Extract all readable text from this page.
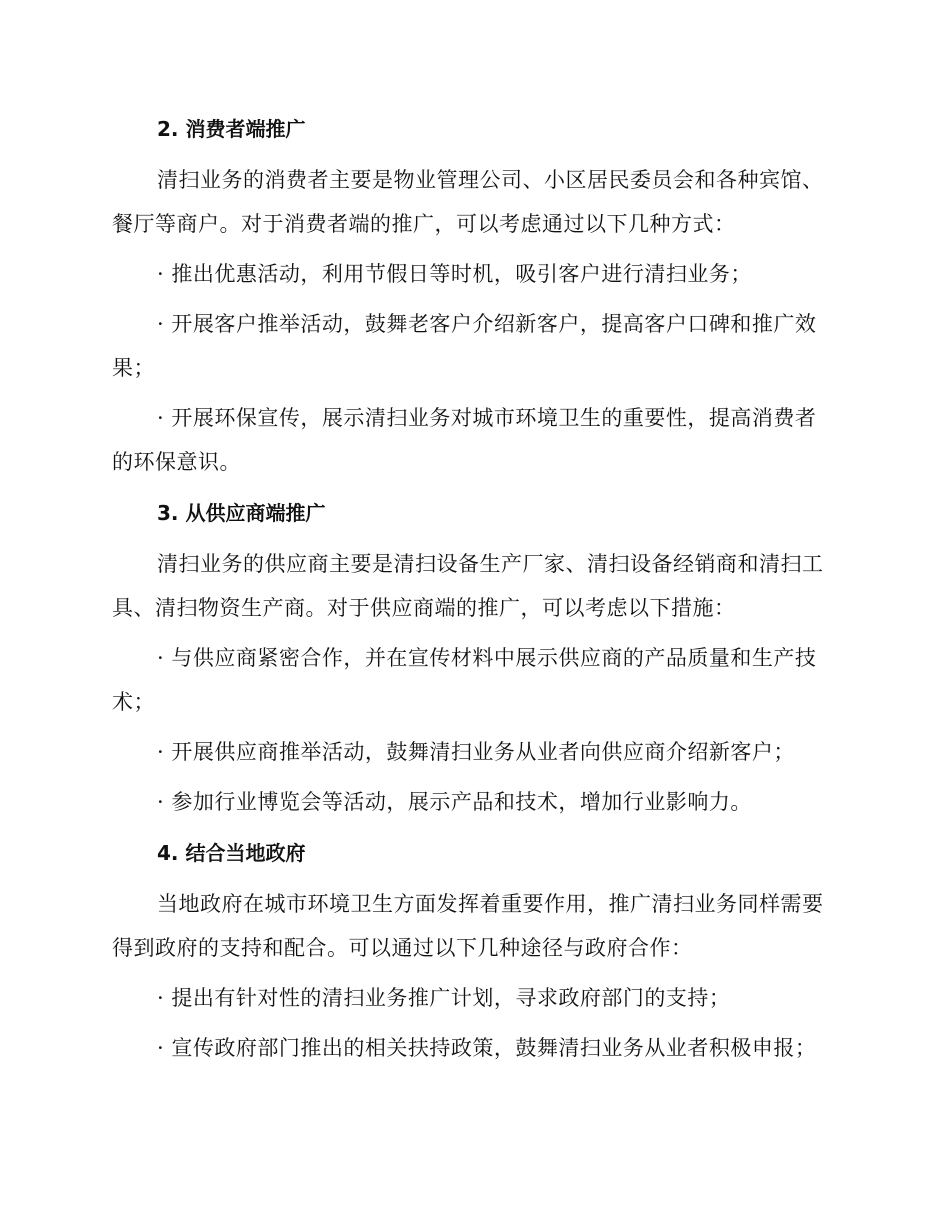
2. 消费者端推广

清扫业务的消费者主要是物业管理公司、小区居民委员会和各种宾馆、餐厅等商户。对于消费者端的推广，可以考虑通过以下几种方式：

· 推出优惠活动，利用节假日等时机，吸引客户进行清扫业务；

· 开展客户推举活动，鼓舞老客户介绍新客户，提高客户口碑和推广效果；

· 开展环保宣传，展示清扫业务对城市环境卫生的重要性，提高消费者的环保意识。

3. 从供应商端推广

清扫业务的供应商主要是清扫设备生产厂家、清扫设备经销商和清扫工具、清扫物资生产商。对于供应商端的推广，可以考虑以下措施：

· 与供应商紧密合作，并在宣传材料中展示供应商的产品质量和生产技术；

· 开展供应商推举活动，鼓舞清扫业务从业者向供应商介绍新客户；

· 参加行业博览会等活动，展示产品和技术，增加行业影响力。

4. 结合当地政府

当地政府在城市环境卫生方面发挥着重要作用，推广清扫业务同样需要得到政府的支持和配合。可以通过以下几种途径与政府合作：

· 提出有针对性的清扫业务推广计划，寻求政府部门的支持；

· 宣传政府部门推出的相关扶持政策，鼓舞清扫业务从业者积极申报；
